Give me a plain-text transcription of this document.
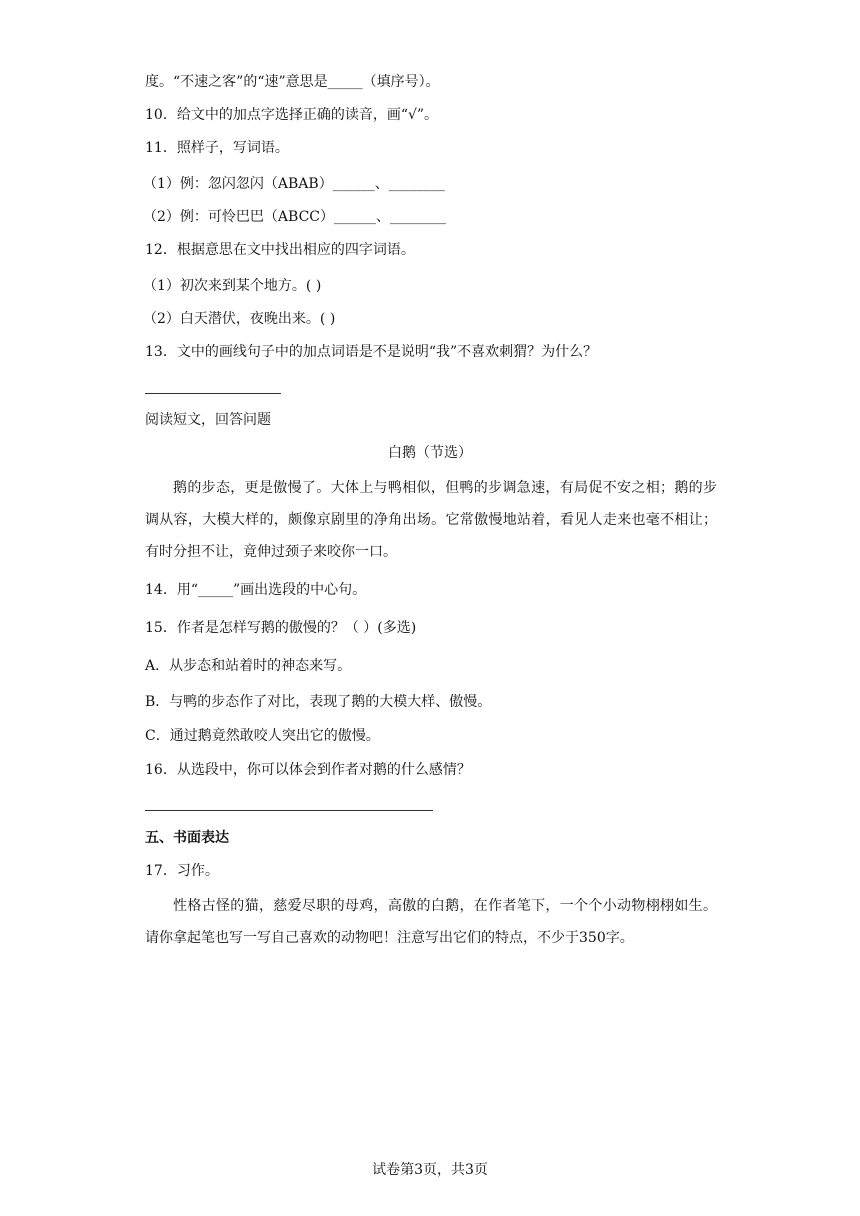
度。“不速之客”的“速”意思是_____（填序号）。
10．给文中的加点字选择正确的读音，画“√”。
11．照样子，写词语。
（1）例：忽闪忽闪（ABAB）______、________
（2）例：可怜巴巴（ABCC）______、________
12．根据意思在文中找出相应的四字词语。
（1）初次来到某个地方。( )
（2）白天潜伏，夜晚出来。( )
13．文中的画线句子中的加点词语是不是说明“我”不喜欢刺猬？为什么？
阅读短文，回答问题
白鹅（节选）
鹅的步态，更是傲慢了。大体上与鸭相似，但鸭的步调急速，有局促不安之相；鹅的步调从容，大模大样的，颇像京剧里的净角出场。它常傲慢地站着，看见人走来也毫不相让；有时分担不让，竟伸过颈子来咬你一口。
14．用“_____”画出选段的中心句。
15．作者是怎样写鹅的傲慢的？（ ）(多选)
A．从步态和站着时的神态来写。
B．与鸭的步态作了对比，表现了鹅的大模大样、傲慢。
C．通过鹅竟然敢咬人突出它的傲慢。
16．从选段中，你可以体会到作者对鹅的什么感情？
五、书面表达
17．习作。
性格古怪的猫，慈爱尽职的母鸡，高傲的白鹅，在作者笔下，一个个小动物栩栩如生。请你拿起笔也写一写自己喜欢的动物吧！注意写出它们的特点，不少于350字。
试卷第3页，共3页
